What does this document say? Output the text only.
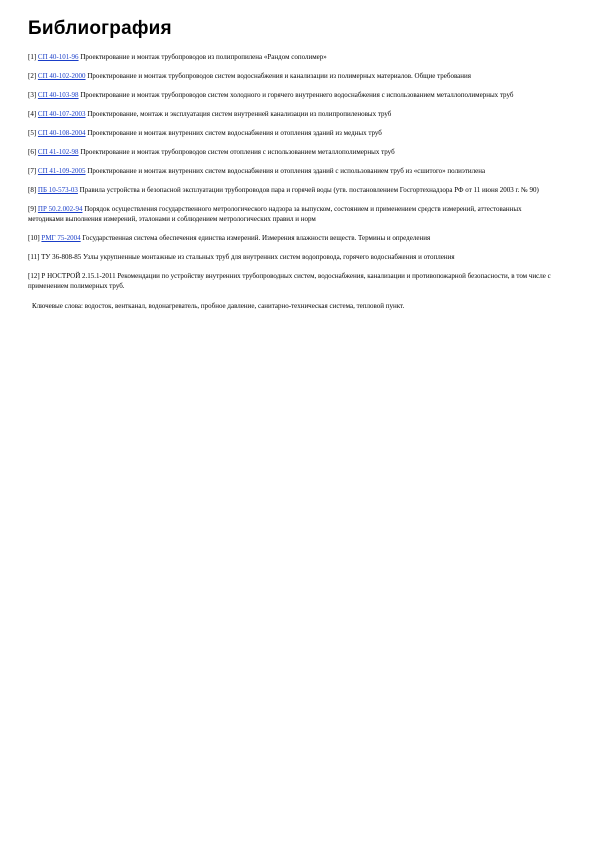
Библиография

[1] СП 40-101-96 Проектирование и монтаж трубопроводов из полипропилена «Рандом сополимер»

[2] СП 40-102-2000 Проектирование и монтаж трубопроводов систем водоснабжения и канализации из полимерных материалов. Общие требования

[3] СП 40-103-98 Проектирование и монтаж трубопроводов систем холодного и горячего внутреннего водоснабжения с использованием металлополимерных труб

[4] СП 40-107-2003 Проектирование, монтаж и эксплуатация систем внутренней канализации из полипропиленовых труб

[5] СП 40-108-2004 Проектирование и монтаж внутренних систем водоснабжения и отопления зданий из медных труб

[6] СП 41-102-98 Проектирование и монтаж трубопроводов систем отопления с использованием металлополимерных труб

[7] СП 41-109-2005 Проектирование и монтаж внутренних систем водоснабжения и отопления зданий с использованием труб из «сшитого» полиэтилена

[8] ПБ 10-573-03 Правила устройства и безопасной эксплуатации трубопроводов пара и горячей воды (утв. постановлением Госгортехнадзора РФ от 11 июня 2003 г. № 90)

[9] ПР 50.2.002-94 Порядок осуществления государственного метрологического надзора за выпуском, состоянием и применением средств измерений, аттестованных методиками выполнения измерений, эталонами и соблюдением метрологических правил и норм

[10] РМГ 75-2004 Государственная система обеспечения единства измерений. Измерения влажности веществ. Термины и определения

[11] ТУ 36-808-85 Узлы укрупненные монтажные из стальных труб для внутренних систем водопровода, горячего водоснабжения и отопления

[12] Р НОСТРОЙ 2.15.1-2011 Рекомендации по устройству внутренних трубопроводных систем, водоснабжения, канализации и противопожарной безопасности, в том числе с применением полимерных труб.

Ключевые слова: водосток, вентканал, водонагреватель, пробное давление, санитарно-техническая система, тепловой пункт.
